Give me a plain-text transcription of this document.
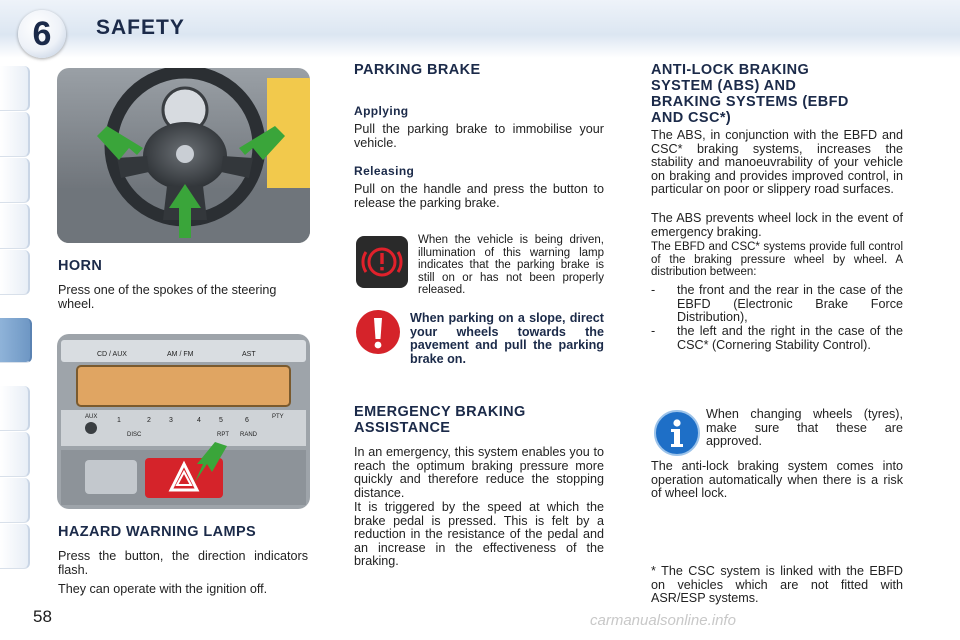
6	SAFETY
HORN
Press one of the spokes of the steering wheel.
CD / AUX	AM / FM	AST
AUX	1	2	3	4	5	6
DISC	RPT RAND
PTY
HAZARD WARNING LAMPS
Press the button, the direction indicators flash.
They can operate with the ignition off.
PARKING BRAKE
Applying
Pull the parking brake to immobilise your vehicle.
Releasing
Pull on the handle and press the button to release the parking brake.
When the vehicle is being driven, illumination of this warning lamp indicates that the parking brake is still on or has not been properly released.
When parking on a slope, direct your wheels towards the pavement and pull the parking brake on.
EMERGENCY BRAKING ASSISTANCE
In an emergency, this system enables you to reach the optimum braking pressure more quickly and therefore reduce the stopping distance.
It is triggered by the speed at which the brake pedal is pressed. This is felt by a reduction in the resistance of the pedal and an increase in the effectiveness of the braking.
ANTI-LOCK BRAKING SYSTEM (ABS) AND BRAKING SYSTEMS (EBFD AND CSC*)
The ABS, in conjunction with the EBFD and CSC* braking systems, increases the stability and manoeuvrability of your vehicle on braking and provides improved control, in particular on poor or slippery road surfaces.
The ABS prevents wheel lock in the event of emergency braking.
The EBFD and CSC* systems provide full control of the braking pressure wheel by wheel. A distribution between:
- the front and the rear in the case of the EBFD (Electronic Brake Force Distribution),
- the left and the right in the case of the CSC* (Cornering Stability Control).
When changing wheels (tyres), make sure that these are approved.
The anti-lock braking system comes into operation automatically when there is a risk of wheel lock.
* The CSC system is linked with the EBFD on vehicles which are not fitted with ASR/ESP systems.
58	carmanualsonline.info
